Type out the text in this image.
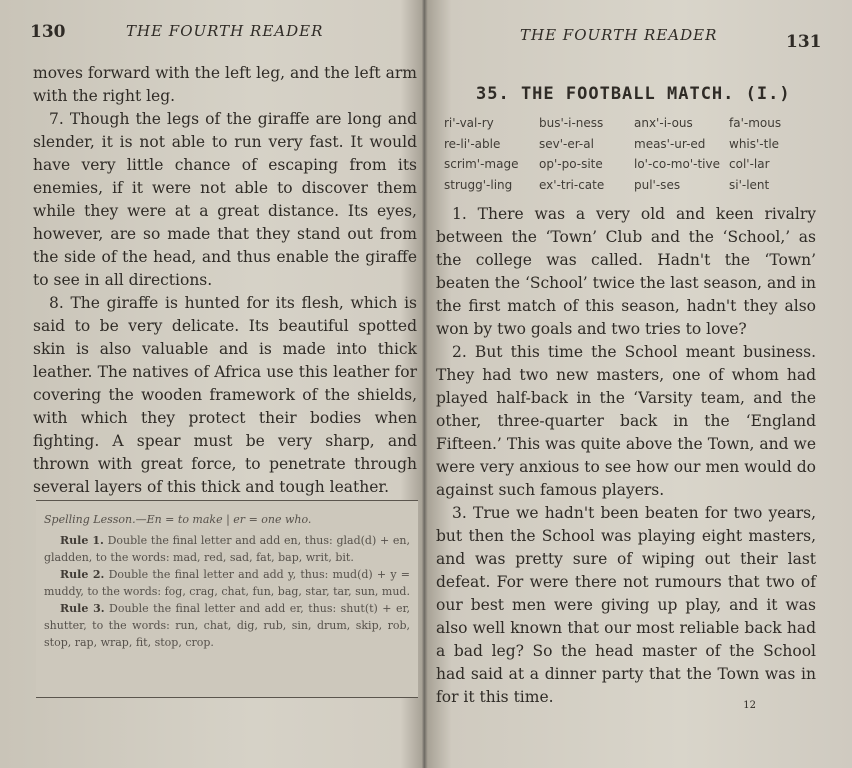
130	THE FOURTH READER

moves forward with the left leg, and the left arm with the right leg.

7. Though the legs of the giraffe are long and slender, it is not able to run very fast. It would have very little chance of escaping from its enemies, if it were not able to discover them while they were at a great distance. Its eyes, however, are so made that they stand out from the side of the head, and thus enable the giraffe to see in all directions.

8. The giraffe is hunted for its flesh, which is said to be very delicate. Its beautiful spotted skin is also valuable and is made into thick leather. The natives of Africa use this leather for covering the wooden framework of the shields, with which they protect their bodies when fighting. A spear must be very sharp, and thrown with great force, to penetrate through several layers of this thick and tough leather.

Spelling Lesson.—En = to make | er = one who.

Rule 1. Double the final letter and add en, thus: glad(d) + en, gladden, to the words: mad, red, sad, fat, bap, writ, bit.

Rule 2. Double the final letter and add y, thus: mud(d) + y = muddy, to the words: fog, crag, chat, fun, bag, star, tar, sun, mud.

Rule 3. Double the final letter and add er, thus: shut(t) + er, shutter, to the words: run, chat, dig, rub, sin, drum, skip, rob, stop, rap, wrap, fit, stop, crop.

THE FOURTH READER	131
35. THE FOOTBALL MATCH. (I.)
ri'-val-ry	bus'-i-ness	anx'-i-ous	fa'-mous
re-li'-able	sev'-er-al	meas'-ur-ed	whis'-tle
scrim'-mage	op'-po-site	lo'-co-mo'-tive col'-lar
strugg'-ling	ex'-tri-cate	pul'-ses	si'-lent

1. There was a very old and keen rivalry between the ‘Town’ Club and the ‘School,’ as the college was called. Hadn't the ‘Town’ beaten the ‘School’ twice the last season, and in the first match of this season, hadn't they also won by two goals and two tries to love?

2. But this time the School meant business. They had two new masters, one of whom had played half-back in the ‘Varsity team, and the other, three-quarter back in the ‘England Fifteen.’ This was quite above the Town, and we were very anxious to see how our men would do against such famous players.

3. True we hadn't been beaten for two years, but then the School was playing eight masters, and was pretty sure of wiping out their last defeat. For were there not rumours that two of our best men were giving up play, and it was also well known that our most reliable back had a bad leg? So the head master of the School had said at a dinner party that the Town was in for it this time.	12
